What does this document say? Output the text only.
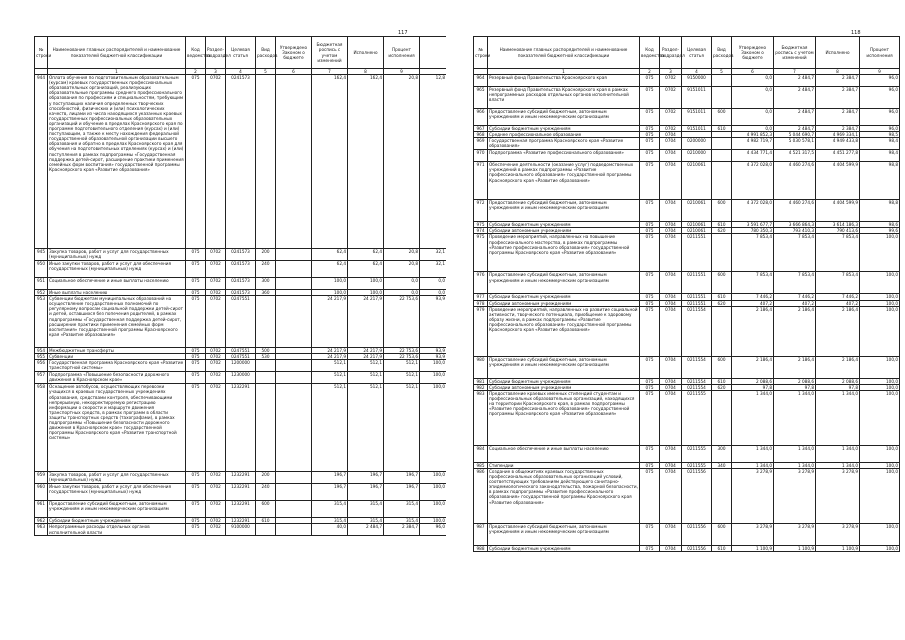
117
№ строки	Наименование главных распорядителей и наименование показателей бюджетной классификации	Код ведомства	Раздел-подраздел	Целевая статья	Вид расходов	Утверждено Законом о бюджете	Бюджетная роспись с учетом изменений	Исполнено	Процент исполнения	
	1	2	3	4	5	6	7	8	9	
944	Оплата обучения по подготовительным образовательным (курсам) краевых государственных профессиональных образовательных организаций, реализующих образовательные программы среднего профессионального образования по профессиям и специальностям, требующим у поступающих наличия определенных творческих способностей, физических и (или) психологических качеств, лицами из числа находящихся указанных краевых государственных профессиональных образовательных организаций и обучение в пределах Красноярского края по программе подготовительного отделения (курсах) и (или) поступающим, а также к месту нахождения федеральной государственной образовательной организации высшего образования и обратно в пределах Красноярского края для обучения на подготовительных отделениях (курсах) и (или) поступления в рамках подпрограммы «Государственная поддержка детей-сирот, расширение практики применения семейных форм воспитания» государственной программы Красноярского края «Развитие образования»	075	0702	0241573			162,4	162,4	20,8	12,8
945	Закупка товаров, работ и услуг для государственных (муниципальных) нужд	075	0702	0241573	200		62,4	62,4	20,8	32,1
950	Иные закупки товаров, работ и услуг для обеспечения государственных (муниципальных) нужд	075	0702	0241573	240		62,4	62,4	20,8	32,1
951	Социальное обеспечение и иные выплаты населению	075	0702	0241573	300		100,0	100,0	0,0	0,0
952	Иные выплаты населению	075	0702	0241573	360		100,0	100,0	0,0	0,0
953	Субвенции бюджетам муниципальных образований на осуществление государственных полномочий по регулярному вопросам социальной поддержки детей-сирот и детей, оставшихся без попечения родителей, в рамках подпрограммы «Государственная поддержка детей-сирот, расширение практики применения семейных форм воспитания» государственной программы Красноярского края «Развитие образования»	075	0702	0247551			24 217,9	24 217,9	22 753,6	93,9
954	Межбюджетные трансферты	075	0702	0247551	500		24 217,9	24 217,9	22 753,6	93,9
955	Субвенции	075	0702	0247551	530		24 217,9	24 217,9	22 753,6	93,9
956	Государственная программа Красноярского края «Развитие транспортной системы»	075	0702	1200000			512,1	512,1	512,1	100,0
957	Подпрограмма «Повышение безопасности дорожного движения в Красноярском крае»	075	0702	1230000			512,1	512,1	512,1	100,0
958	Оснащение автобусов, осуществляющих перевозки учащихся в краевых государственных учреждениях образования, средствами контроля, обеспечивающими непрерывную, некорректируемую регистрацию информации о скорости и маршруте движения транспортных средств, в рамках программ в области защиты транспортных средств (тахографами), в рамках подпрограммы «Повышение безопасности дорожного движения в Красноярском крае» государственной программы Красноярского края «Развитие транспортной системы»	075	0702	1232291			512,1	512,1	512,1	100,0
959	Закупка товаров, работ и услуг для государственных (муниципальных) нужд	075	0702	1232291	200		196,7	196,7	196,7	100,0
960	Иные закупки товаров, работ и услуг для обеспечения государственных (муниципальных) нужд	075	0702	1232291	240		196,7	196,7	196,7	100,0
961	Предоставление субсидий бюджетным, автономным учреждениям и иным некоммерческим организациям	075	0702	1232291	600		315,4	315,4	315,4	100,0
962	Субсидии бюджетным учреждениям	075	0702	1232291	610		315,4	315,4	315,4	100,0
963	Непрограммные расходы отдельных органов исполнительной власти	075	0702	9100000			40,0	2 484,7	2 384,7	96,0
118
№ строки	Наименование главных распорядителей и наименование показателей бюджетной классификации	Код ведомства	Раздел-подраздел	Целевая статья	Вид расходов	Утверждено Законом о бюджете	Бюджетная роспись с учетом изменений	Исполнено	Процент исполнения
	1	2	3	4	5	6	7	8	9
964	Резервный фонд Правительства Красноярского края	075	0702	9150000		0,0	2 484,7	2 384,7	96,0
965	Резервный фонд Правительства Красноярского края в рамках непрограммных расходов отдельных органов исполнительной власти	075	0702	9151011		0,0	2 484,7	2 384,7	96,0
966	Предоставление субсидий бюджетным, автономным учреждениям и иным некоммерческим организациям	075	0702	9151011	600	0,0	2 484,7	2 384,7	96,0
967	Субсидии бюджетным учреждениям	075	0702	9151011	610	0,0	2 484,7	2 384,7	96,0
968	Среднее профессиональное образование	075	0704			4 991 852,3	5 044 690,7	4 969 334,1	98,5
969	Государственная программа Красноярского края «Развитие образования»	075	0704	0200000		4 982 719,7	5 030 578,1	4 949 433,8	98,4
970	Подпрограмма «Развитие профессионального образования»	075	0704	0210000		4 434 771,4	4 521 317,5	4 451 277,8	98,4
971	Обеспечение деятельности (оказание услуг) подведомственных учреждений в рамках подпрограммы «Развитие профессионального образования» государственной программы Красноярского края «Развитие образования»	075	0704	0210061		4 372 028,0	4 460 274,6	4 404 599,9	98,8
972	Предоставление субсидий бюджетным, автономным учреждениям и иным некоммерческим организациям	075	0704	0210061	600	4 372 028,0	4 460 274,6	4 404 599,9	98,8
975	Субсидии бюджетным учреждениям	075	0704	0210061	610	3 591 677,7	3 666 864,3	3 614 186,3	98,6
974	Субсидии автономным учреждениям	075	0704	0210061	620	780 350,3	793 410,3	790 413,6	99,6
975	Проведение мероприятий, направленных на повышение профессионального мастерства, в рамках подпрограммы «Развитие профессионального образования» государственной программы Красноярского края «Развитие образования»	075	0704	0211551		7 853,4	7 853,4	7 853,4	100,0
976	Предоставление субсидий бюджетным, автономным учреждениям и иным некоммерческим организациям	075	0704	0211551	600	7 853,4	7 853,4	7 853,4	100,0
977	Субсидии бюджетным учреждениям	075	0704	0211551	610	7 446,2	7 446,2	7 446,2	100,0
978	Субсидии автономным учреждениям	075	0704	0211551	620	407,2	407,2	407,2	100,0
979	Проведение мероприятий, направленных на развитие социальной активности, творческого потенциала, приобщение к здоровому образу жизни, в рамках подпрограммы «Развитие профессионального образования» государственной программы Красноярского края «Развитие образования»	075	0704	0211554		2 186,4	2 186,4	2 186,4	100,0
980	Предоставление субсидий бюджетным, автономным учреждениям и иным некоммерческим организациям	075	0704	0211554	600	2 186,4	2 186,4	2 186,4	100,0
981	Субсидии бюджетным учреждениям	075	0704	0211554	610	2 088,6	2 088,6	2 088,6	100,0
982	Субсидии автономным учреждениям	075	0704	0211554	620	97,8	97,8	97,8	100,0
983	Предоставление краевых именных стипендий студентам и профессиональных образовательных организаций, находящихся на территории Красноярского края, в рамках подпрограммы «Развитие профессионального образования» государственной программы Красноярского края «Развитие образования»	075	0704	0211555		1 344,0	1 344,0	1 344,0	100,0
984	Социальное обеспечение и иные выплаты населению	075	0704	0211555	300	1 344,0	1 344,0	1 344,0	100,0
985	Стипендии	075	0704	0211555	340	1 344,0	1 344,0	1 344,0	100,0
986	Создание в общежитиях краевых государственных профессиональных образовательных организаций условий, соответствующих требованиям действующего санитарно-эпидемиологического законодательства, пожарной безопасности, в рамках подпрограммы «Развитие профессионального образования» государственной программы Красноярского края «Развитие образования»	075	0704	0211556		3 278,9	3 278,9	3 278,9	100,0
987	Предоставление субсидий бюджетным, автономным учреждениям и иным некоммерческим организациям	075	0704	0211556	600	3 278,9	3 278,9	3 278,9	100,0
988	Субсидии бюджетным учреждениям	075	0704	0211556	610	1 100,9	1 100,9	1 100,9	100,0
